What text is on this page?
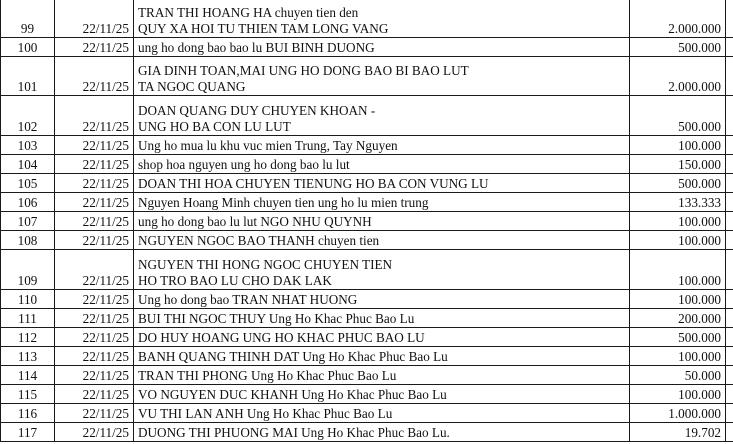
99	22/11/25	TRAN THI HOANG HA chuyen tien den
QUY XA HOI TU THIEN TAM LONG VANG	2.000.000	
100	22/11/25	ung ho dong bao bao lu BUI BINH DUONG	500.000	
101	22/11/25	GIA DINH TOAN,MAI UNG HO DONG BAO BI BAO LUT
TA NGOC QUANG	2.000.000	
102	22/11/25	DOAN QUANG DUY CHUYEN KHOAN -
UNG HO BA CON LU LUT	500.000	
103	22/11/25	Ung ho mua lu khu vuc mien Trung, Tay Nguyen	100.000	
104	22/11/25	shop hoa nguyen ung ho dong bao lu lut	150.000	
105	22/11/25	DOAN THI HOA CHUYEN TIENUNG HO BA CON VUNG LU	500.000	
106	22/11/25	Nguyen Hoang Minh chuyen tien ung ho lu mien trung	133.333	
107	22/11/25	ung ho dong bao lu lut NGO NHU QUYNH	100.000	
108	22/11/25	NGUYEN NGOC BAO THANH chuyen tien	100.000	
109	22/11/25	NGUYEN THI HONG NGOC CHUYEN TIEN
HO TRO BAO LU CHO DAK LAK	100.000	
110	22/11/25	Ung ho dong bao TRAN NHAT HUONG	100.000	
111	22/11/25	BUI THI NGOC THUY Ung Ho Khac Phuc Bao Lu	200.000	
112	22/11/25	DO HUY HOANG UNG HO KHAC PHUC BAO LU	500.000	
113	22/11/25	BANH QUANG THINH DAT Ung Ho Khac Phuc Bao Lu	100.000	
114	22/11/25	TRAN THI PHONG Ung Ho Khac Phuc Bao Lu	50.000	
115	22/11/25	VO NGUYEN DUC KHANH Ung Ho Khac Phuc Bao Lu	100.000	
116	22/11/25	VU THI LAN ANH Ung Ho Khac Phuc Bao Lu	1.000.000	
117	22/11/25	DUONG THI PHUONG MAI Ung Ho Khac Phuc Bao Lu.	19.702	
